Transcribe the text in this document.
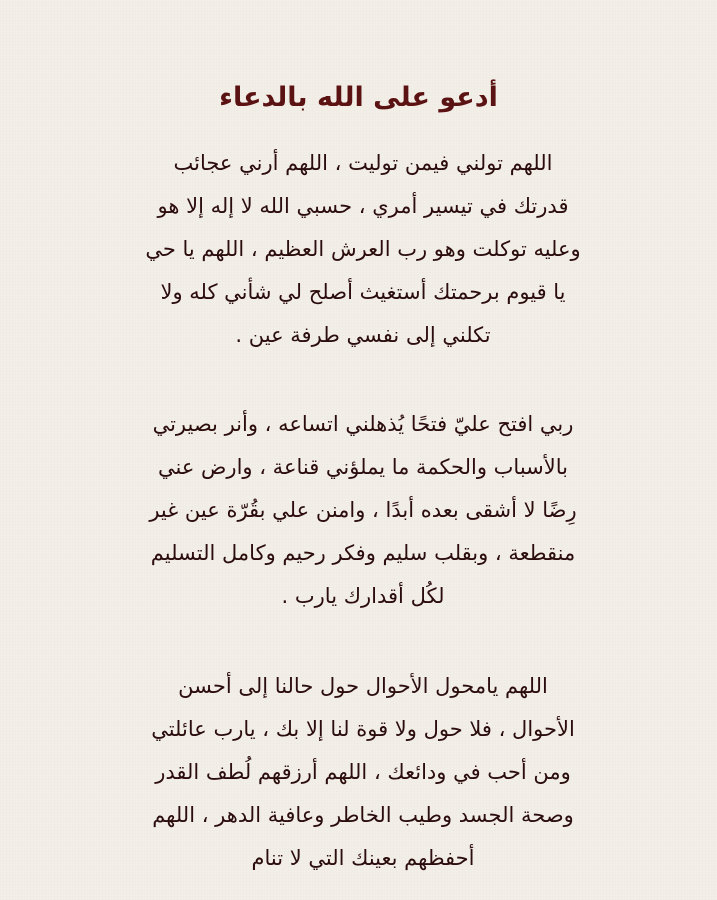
أدعو على الله بالدعاء
اللهم تولني فيمن توليت ، اللهم أرني عجائب
قدرتك في تيسير أمري ، حسبي الله لا إله إلا هو
وعليه توكلت وهو رب العرش العظيم ، اللهم يا حي
يا قيوم برحمتك أستغيث أصلح لي شأني كله ولا
تكلني إلى نفسي طرفة عين .
ربي افتح عليّ فتحًا يُذهلني اتساعه ، وأنر بصيرتي
بالأسباب والحكمة ما يملؤني قناعة ، وارض عني
رِضًا لا أشقى بعده أبدًا ، وامنن علي بقُرّة عين غير
منقطعة ، وبقلب سليم وفكر رحيم وكامل التسليم
لكُل أقدارك يارب .
اللهم يامحول الأحوال حول حالنا إلى أحسن
الأحوال ، فلا حول ولا قوة لنا إلا بك ، يارب عائلتي
ومن أحب في ودائعك ، اللهم أرزقهم لُطف القدر
وصحة الجسد وطيب الخاطر وعافية الدهر ، اللهم
أحفظهم بعينك التي لا تنام
